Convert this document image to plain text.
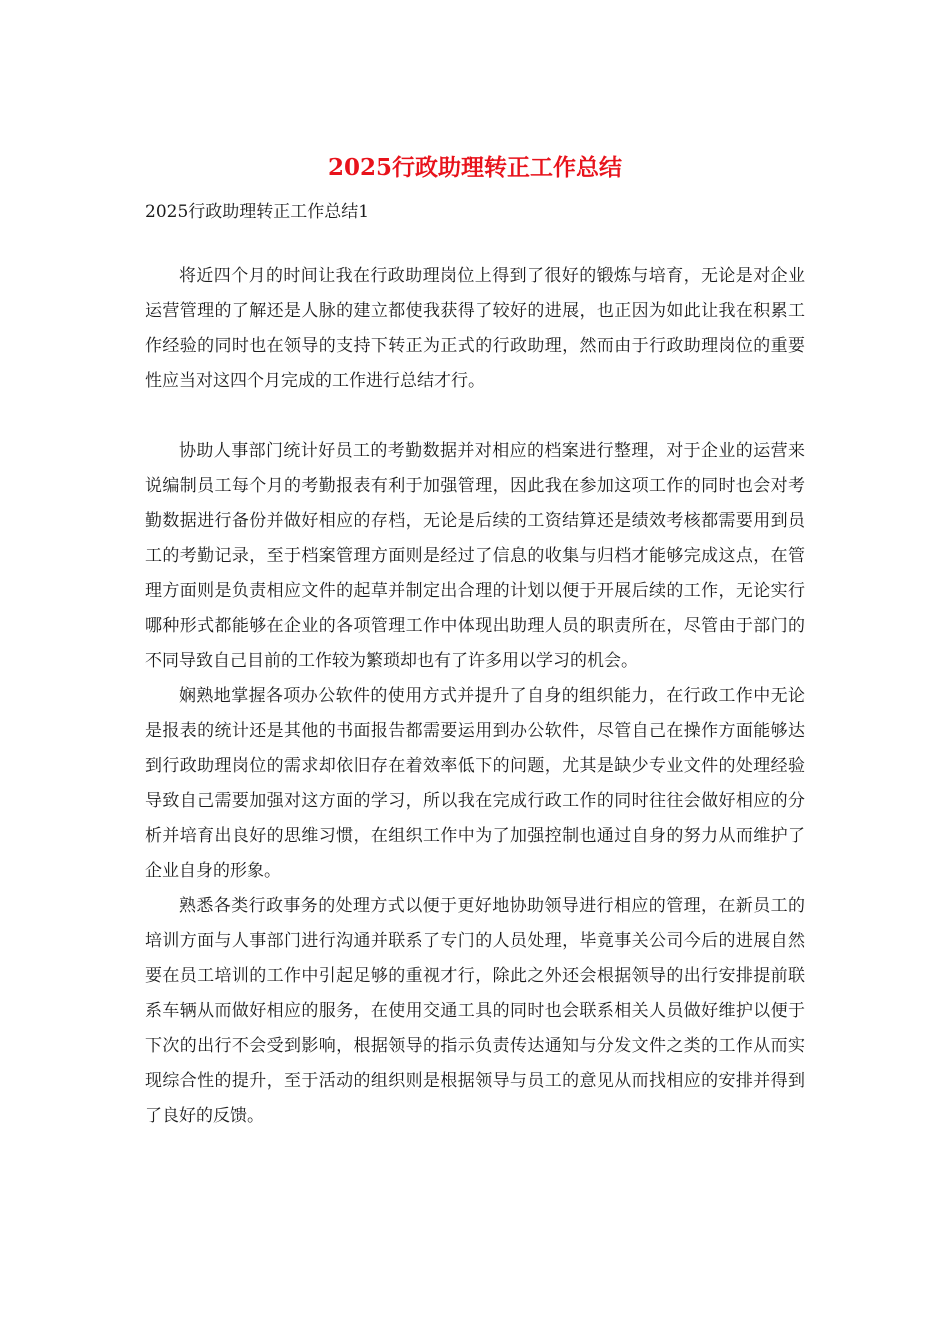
2025行政助理转正工作总结

2025行政助理转正工作总结1

将近四个月的时间让我在行政助理岗位上得到了很好的锻炼与培育，无论是对企业运营管理的了解还是人脉的建立都使我获得了较好的进展，也正因为如此让我在积累工作经验的同时也在领导的支持下转正为正式的行政助理，然而由于行政助理岗位的重要性应当对这四个月完成的工作进行总结才行。

协助人事部门统计好员工的考勤数据并对相应的档案进行整理，对于企业的运营来说编制员工每个月的考勤报表有利于加强管理，因此我在参加这项工作的同时也会对考勤数据进行备份并做好相应的存档，无论是后续的工资结算还是绩效考核都需要用到员工的考勤记录，至于档案管理方面则是经过了信息的收集与归档才能够完成这点，在管理方面则是负责相应文件的起草并制定出合理的计划以便于开展后续的工作，无论实行哪种形式都能够在企业的各项管理工作中体现出助理人员的职责所在，尽管由于部门的不同导致自己目前的工作较为繁琐却也有了许多用以学习的机会。

娴熟地掌握各项办公软件的使用方式并提升了自身的组织能力，在行政工作中无论是报表的统计还是其他的书面报告都需要运用到办公软件，尽管自己在操作方面能够达到行政助理岗位的需求却依旧存在着效率低下的问题，尤其是缺少专业文件的处理经验导致自己需要加强对这方面的学习，所以我在完成行政工作的同时往往会做好相应的分析并培育出良好的思维习惯，在组织工作中为了加强控制也通过自身的努力从而维护了企业自身的形象。

熟悉各类行政事务的处理方式以便于更好地协助领导进行相应的管理，在新员工的培训方面与人事部门进行沟通并联系了专门的人员处理，毕竟事关公司今后的进展自然要在员工培训的工作中引起足够的重视才行，除此之外还会根据领导的出行安排提前联系车辆从而做好相应的服务，在使用交通工具的同时也会联系相关人员做好维护以便于下次的出行不会受到影响，根据领导的指示负责传达通知与分发文件之类的工作从而实现综合性的提升，至于活动的组织则是根据领导与员工的意见从而找相应的安排并得到了良好的反馈。
